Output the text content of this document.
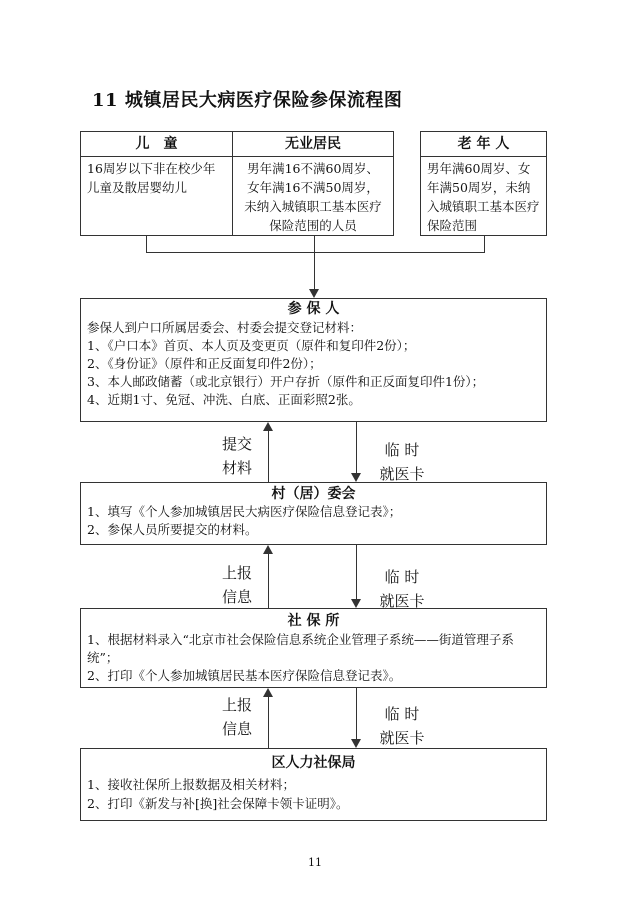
11 城镇居民大病医疗保险参保流程图
儿　童
16周岁以下非在校少年儿童及散居婴幼儿
无业居民
男年满16不满60周岁、女年满16不满50周岁，未纳入城镇职工基本医疗保险范围的人员
老 年 人
男年满60周岁、女年满50周岁，未纳入城镇职工基本医疗保险范围
参 保 人
参保人到户口所属居委会、村委会提交登记材料：
1、《户口本》首页、本人页及变更页（原件和复印件2份）；
2、《身份证》（原件和正反面复印件2份）；
3、本人邮政储蓄（或北京银行）开户存折（原件和正反面复印件1份）；
4、近期1寸、免冠、冲洗、白底、正面彩照2张。
提交
材料
临 时
就医卡
村（居）委会
1、填写《个人参加城镇居民大病医疗保险信息登记表》；
2、参保人员所要提交的材料。
上报
信息
临 时
就医卡
社 保 所
1、根据材料录入“北京市社会保险信息系统企业管理子系统——街道管理子系统”；
2、打印《个人参加城镇居民基本医疗保险信息登记表》。
上报
信息
临 时
就医卡
区人力社保局
1、接收社保所上报数据及相关材料；
2、打印《新发与补[换]社会保障卡领卡证明》。
11
